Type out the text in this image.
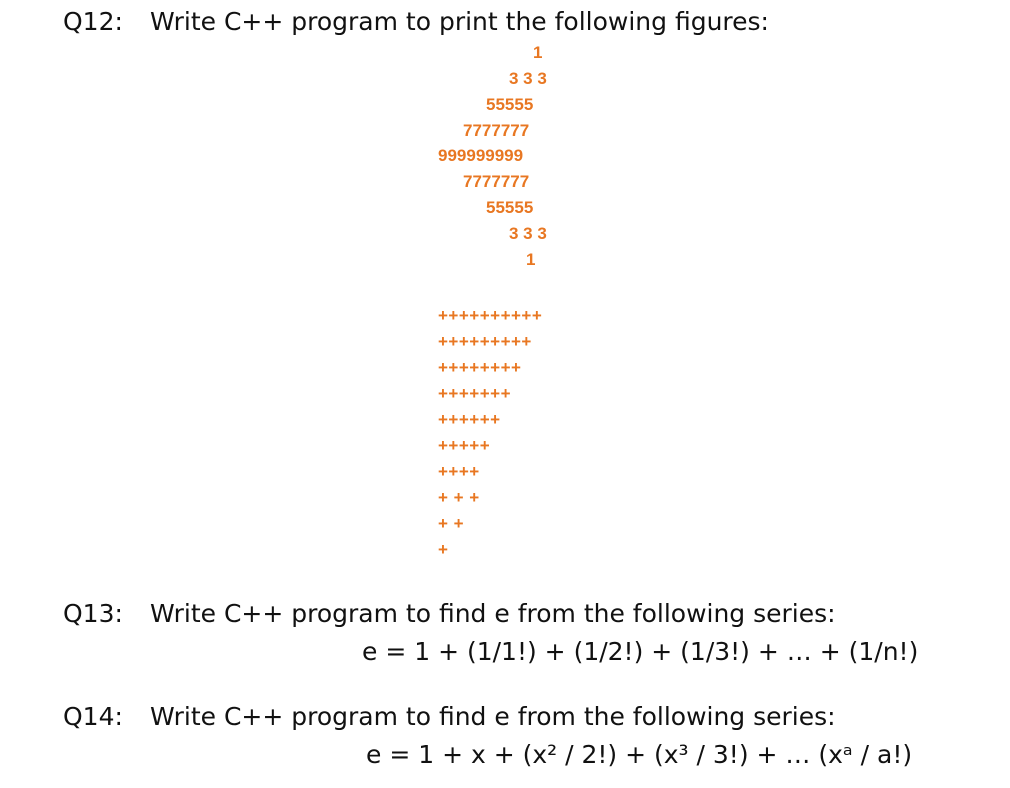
Q12: Write C++ program to print the following figures:
1
3 3 3
55555
7777777
999999999
7777777
55555
3 3 3
1
++++++++++
+++++++++
++++++++
+++++++
++++++
+++++
++++
+ + +
+ +
+
Q13: Write C++ program to find e from the following series:
e = 1 + (1/1!) + (1/2!) + (1/3!) + … + (1/n!)
Q14: Write C++ program to find e from the following series:
e = 1 + x + (x² / 2!) + (x³ / 3!) + … (xᵃ / a!)
